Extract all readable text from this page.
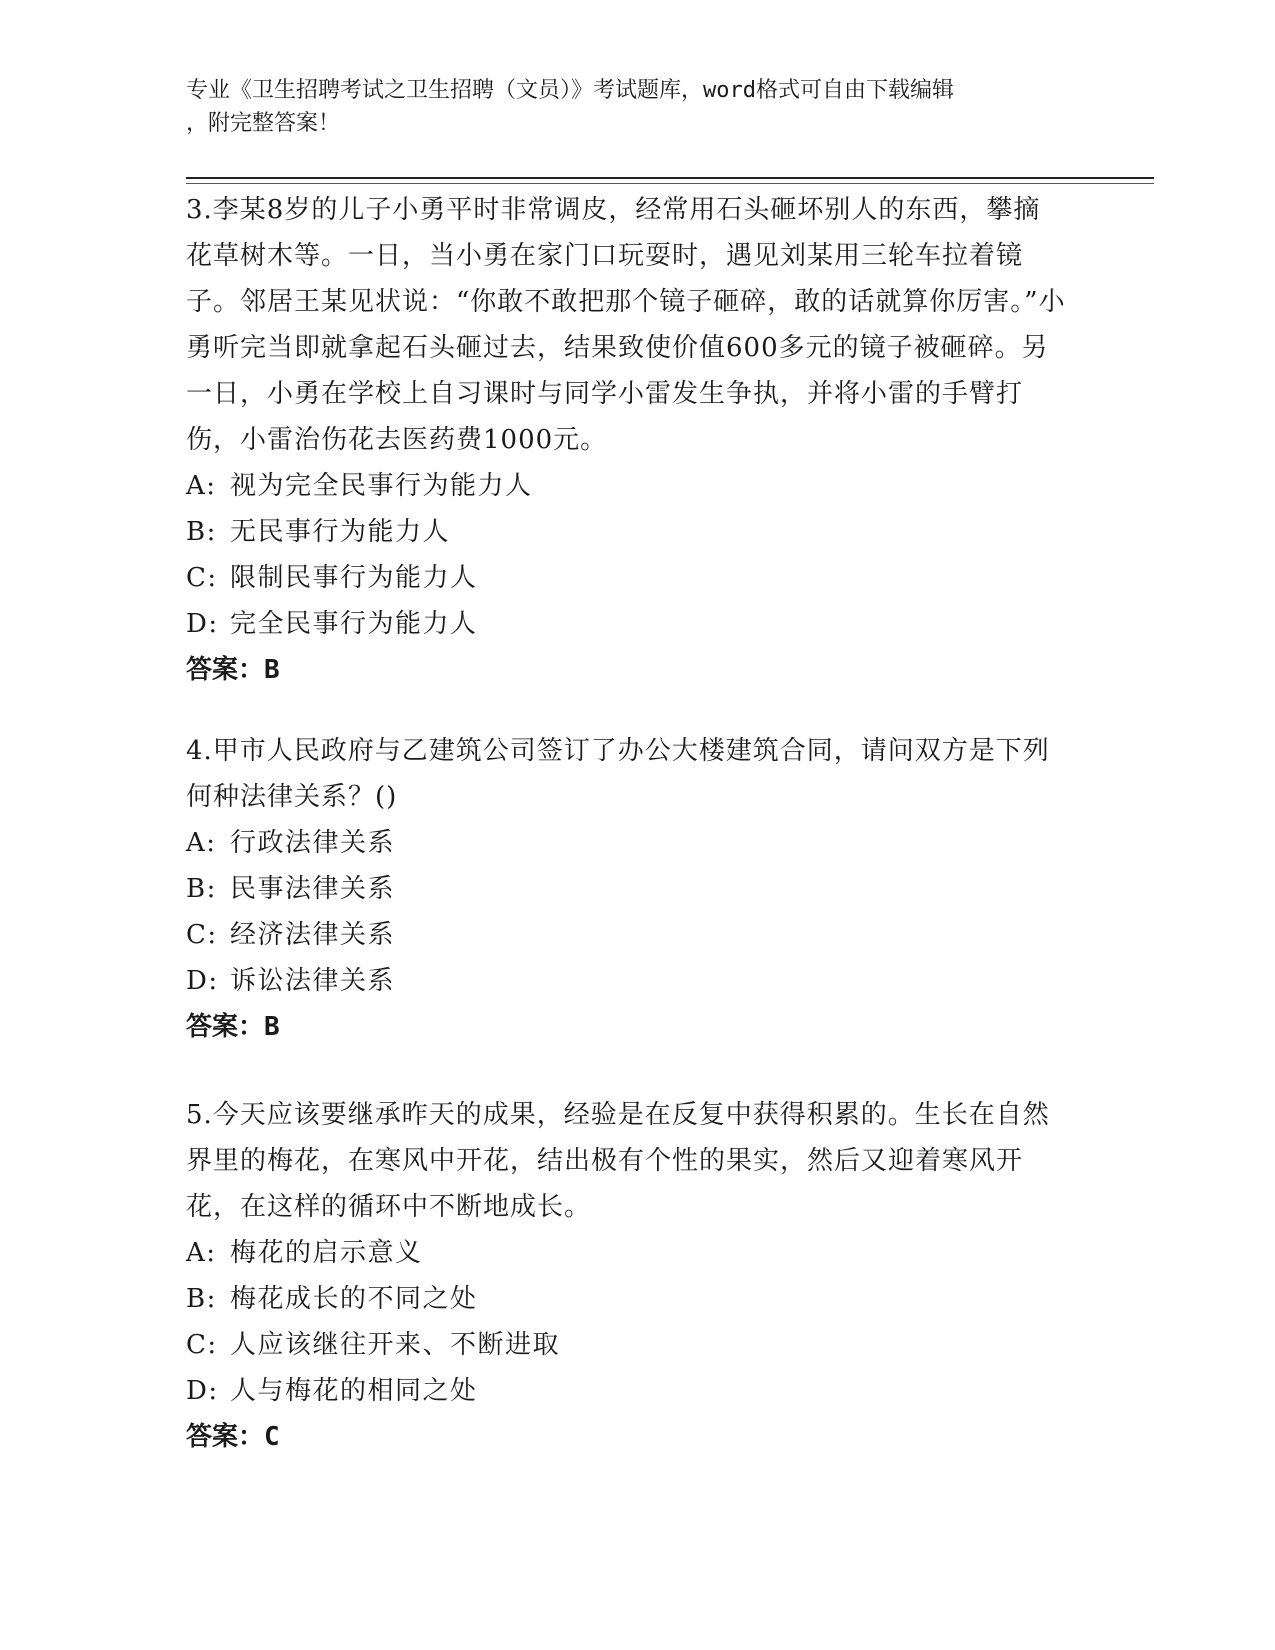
专业《卫生招聘考试之卫生招聘（文员）》考试题库，word格式可自由下载编辑
，附完整答案！

3.李某8岁的儿子小勇平时非常调皮，经常用石头砸坏别人的东西，攀摘花草树木等。一日，当小勇在家门口玩耍时，遇见刘某用三轮车拉着镜子。邻居王某见状说：“你敢不敢把那个镜子砸碎，敢的话就算你厉害。”小勇听完当即就拿起石头砸过去，结果致使价值600多元的镜子被砸碎。另一日，小勇在学校上自习课时与同学小雷发生争执，并将小雷的手臂打伤，小雷治伤花去医药费1000元。

A: 视为完全民事行为能力人

B: 无民事行为能力人

C: 限制民事行为能力人

D: 完全民事行为能力人

答案：B

4.甲市人民政府与乙建筑公司签订了办公大楼建筑合同，请问双方是下列何种法律关系？()

A: 行政法律关系

B: 民事法律关系

C: 经济法律关系

D: 诉讼法律关系

答案：B

5.今天应该要继承昨天的成果，经验是在反复中获得积累的。生长在自然界里的梅花，在寒风中开花，结出极有个性的果实，然后又迎着寒风开花，在这样的循环中不断地成长。

A: 梅花的启示意义

B: 梅花成长的不同之处

C: 人应该继往开来、不断进取

D: 人与梅花的相同之处

答案：C
